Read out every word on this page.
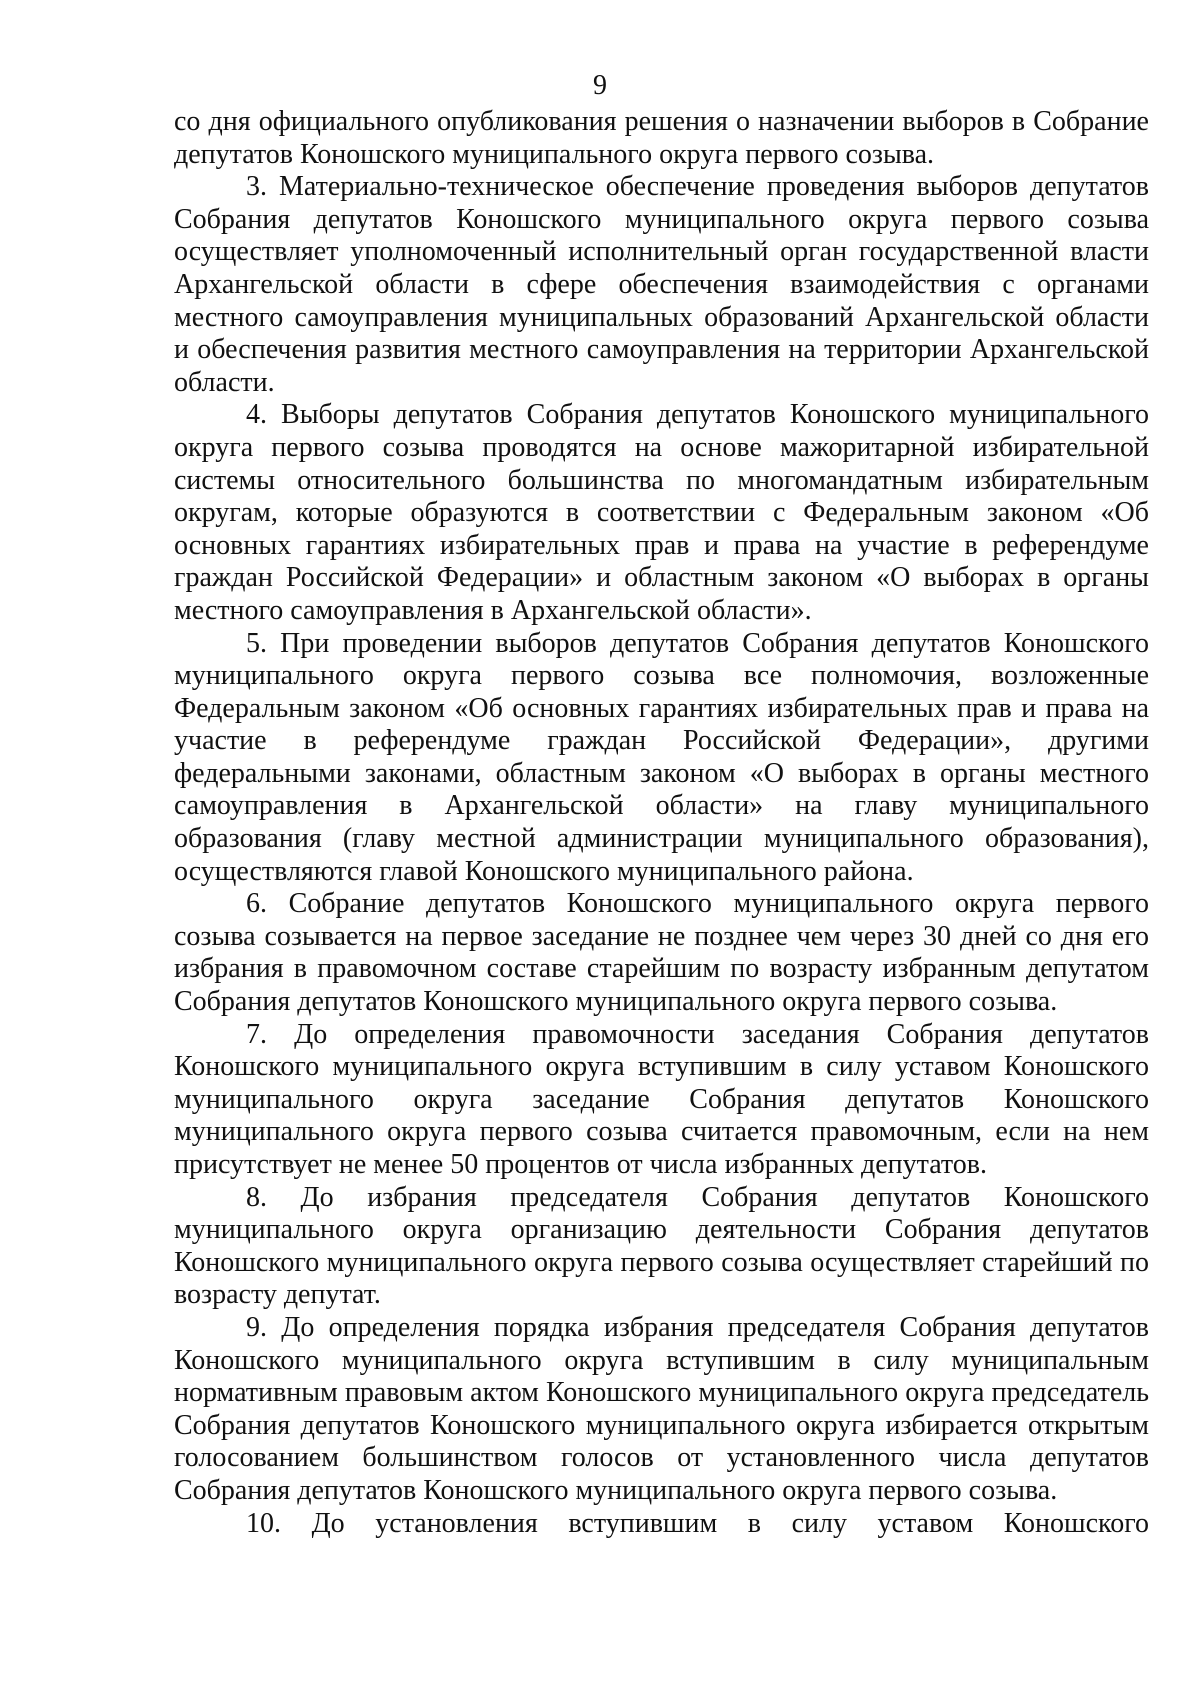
9

со дня официального опубликования решения о назначении выборов в Собрание депутатов Коношского муниципального округа первого созыва.

3. Материально-техническое обеспечение проведения выборов депутатов Собрания депутатов Коношского муниципального округа первого созыва осуществляет уполномоченный исполнительный орган государственной власти Архангельской области в сфере обеспечения взаимодействия с органами местного самоуправления муниципальных образований Архангельской области и обеспечения развития местного самоуправления на территории Архангельской области.

4. Выборы депутатов Собрания депутатов Коношского муниципального округа первого созыва проводятся на основе мажоритарной избирательной системы относительного большинства по многомандатным избирательным округам, которые образуются в соответствии с Федеральным законом «Об основных гарантиях избирательных прав и права на участие в референдуме граждан Российской Федерации» и областным законом «О выборах в органы местного самоуправления в Архангельской области».

5. При проведении выборов депутатов Собрания депутатов Коношского муниципального округа первого созыва все полномочия, возложенные Федеральным законом «Об основных гарантиях избирательных прав и права на участие в референдуме граждан Российской Федерации», другими федеральными законами, областным законом «О выборах в органы местного самоуправления в Архангельской области» на главу муниципального образования (главу местной администрации муниципального образования), осуществляются главой Коношского муниципального района.

6. Собрание депутатов Коношского муниципального округа первого созыва созывается на первое заседание не позднее чем через 30 дней со дня его избрания в правомочном составе старейшим по возрасту избранным депутатом Собрания депутатов Коношского муниципального округа первого созыва.

7. До определения правомочности заседания Собрания депутатов Коношского муниципального округа вступившим в силу уставом Коношского муниципального округа заседание Собрания депутатов Коношского муниципального округа первого созыва считается правомочным, если на нем присутствует не менее 50 процентов от числа избранных депутатов.

8. До избрания председателя Собрания депутатов Коношского муниципального округа организацию деятельности Собрания депутатов Коношского муниципального округа первого созыва осуществляет старейший по возрасту депутат.

9. До определения порядка избрания председателя Собрания депутатов Коношского муниципального округа вступившим в силу муниципальным нормативным правовым актом Коношского муниципального округа председатель Собрания депутатов Коношского муниципального округа избирается открытым голосованием большинством голосов от установленного числа депутатов Собрания депутатов Коношского муниципального округа первого созыва.

10. До установления вступившим в силу уставом Коношского
